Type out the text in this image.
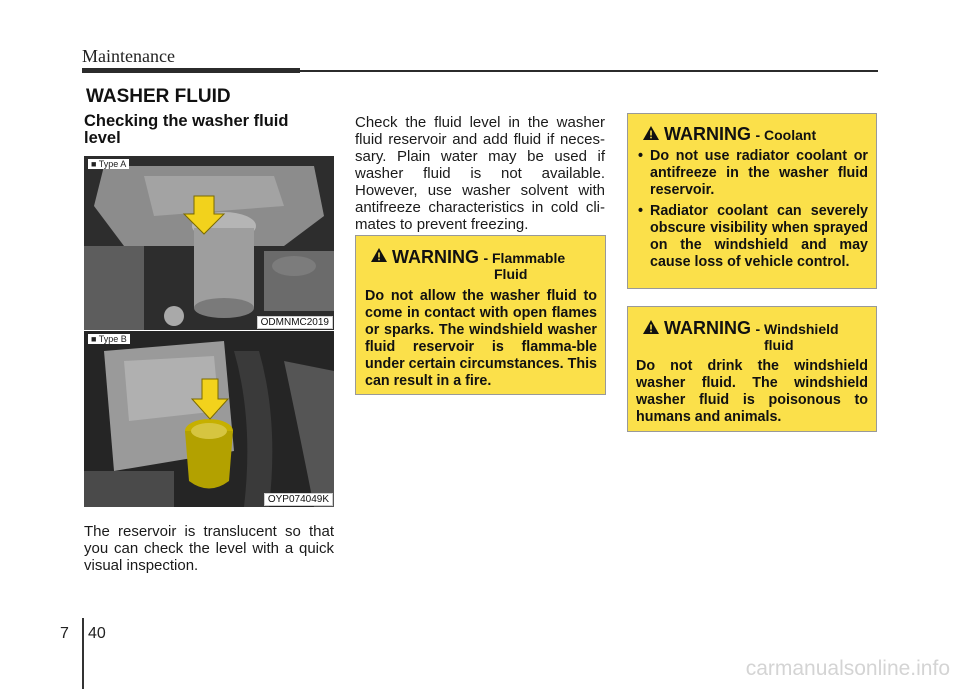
Maintenance
WASHER FLUID
Checking the washer fluid level
■ Type A
ODMNMC2019
■ Type B
OYP074049K
The reservoir is translucent so that you can check the level with a quick visual inspection.
Check the fluid level in the washer fluid reservoir and add fluid if neces-sary. Plain water may be used if washer fluid is not available. However, use washer solvent with antifreeze characteristics in cold cli-mates to prevent freezing.
WARNING - Flammable
Fluid
Do not allow the washer fluid to come in contact with open flames or sparks. The windshield washer fluid reservoir is flamma-ble under certain circumstances. This can result in a fire.
WARNING - Coolant
• Do not use radiator coolant or antifreeze in the washer fluid reservoir.
• Radiator coolant can severely obscure visibility when sprayed on the windshield and may cause loss of vehicle control.
WARNING - Windshield
fluid
Do not drink the windshield washer fluid. The windshield washer fluid is poisonous to humans and animals.
7 40
carmanualsonline.info
